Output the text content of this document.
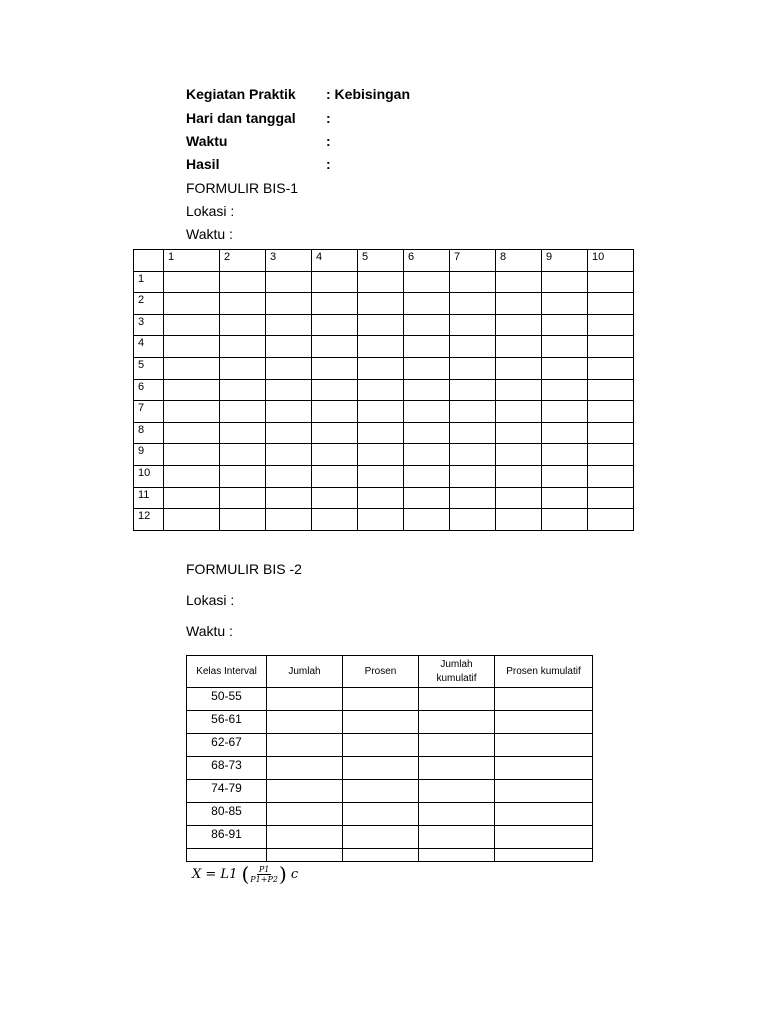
Kegiatan Praktik : Kebisingan
Hari dan tanggal :
Waktu	:
Hasil	:
FORMULIR BIS-1
Lokasi :
Waktu :
	1	2	3	4	5	6	7	8	9	10
1										
2										
3										
4										
5										
6										
7										
8										
9										
10										
11										
12										
FORMULIR BIS -2
Lokasi :
Waktu :
Kelas Interval	Jumlah	Prosen	Jumlah kumulatif	Prosen kumulatif
50-55				
56-61				
62-67				
68-73				
74-79				
80-85				
86-91				

X
= L1
( $\frac{P1}{P1+P2}$ )
c
